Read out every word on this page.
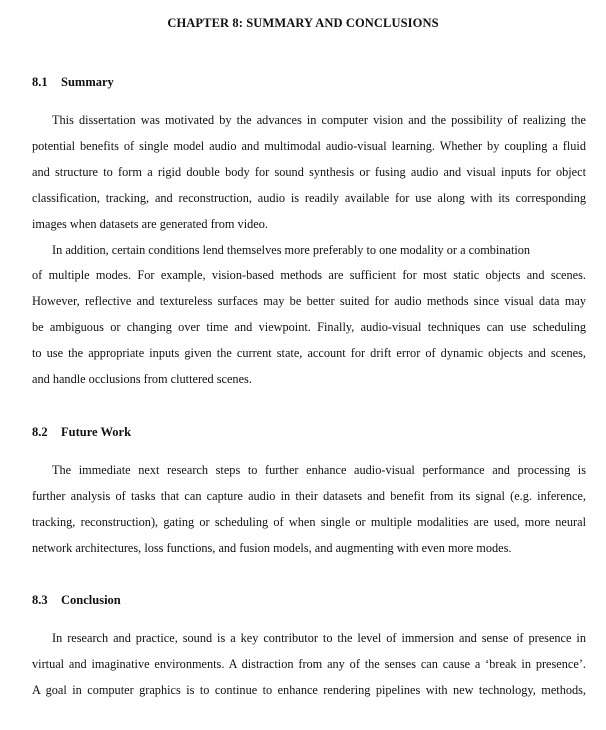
CHAPTER 8: SUMMARY AND CONCLUSIONS
8.1 Summary

This dissertation was motivated by the advances in computer vision and the possibility of realizing the
potential benefits of single model audio and multimodal audio-visual learning. Whether by coupling a fluid
and structure to form a rigid double body for sound synthesis or fusing audio and visual inputs for object
classification, tracking, and reconstruction, audio is readily available for use along with its corresponding
images when datasets are generated from video.

In addition, certain conditions lend themselves more preferably to one modality or a combination
of multiple modes. For example, vision-based methods are sufficient for most static objects and scenes.
However, reflective and textureless surfaces may be better suited for audio methods since visual data may
be ambiguous or changing over time and viewpoint. Finally, audio-visual techniques can use scheduling
to use the appropriate inputs given the current state, account for drift error of dynamic objects and scenes,
and handle occlusions from cluttered scenes.

8.2 Future Work

The immediate next research steps to further enhance audio-visual performance and processing is
further analysis of tasks that can capture audio in their datasets and benefit from its signal (e.g. inference,
tracking, reconstruction), gating or scheduling of when single or multiple modalities are used, more neural
network architectures, loss functions, and fusion models, and augmenting with even more modes.

8.3 Conclusion

In research and practice, sound is a key contributor to the level of immersion and sense of presence in
virtual and imaginative environments. A distraction from any of the senses can cause a ‘break in presence’.
A goal in computer graphics is to continue to enhance rendering pipelines with new technology, methods,
